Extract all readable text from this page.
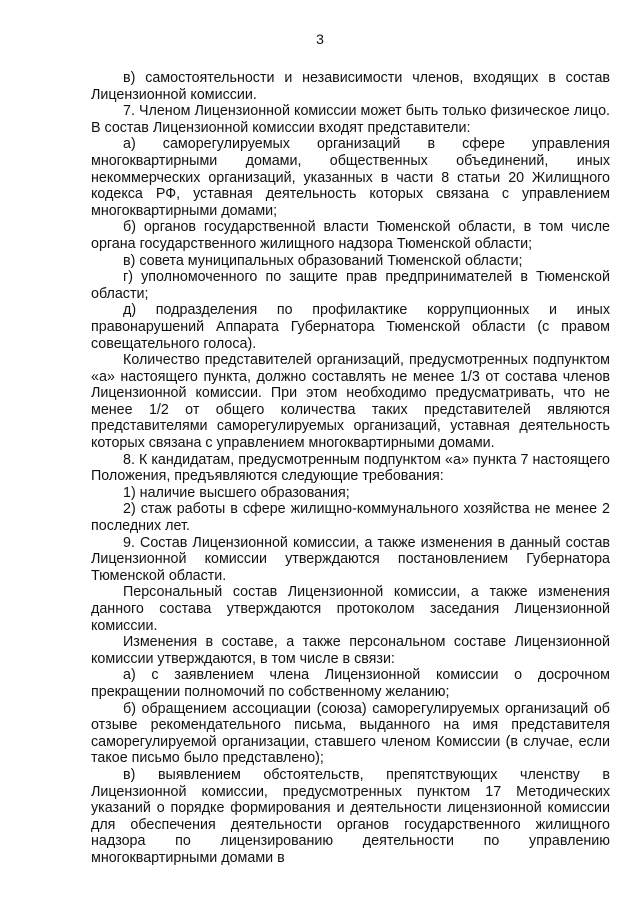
3

в) самостоятельности и независимости членов, входящих в состав Лицензионной комиссии.

7. Членом Лицензионной комиссии может быть только физическое лицо. В состав Лицензионной комиссии входят представители:

а) саморегулируемых организаций в сфере управления многоквартирными домами, общественных объединений, иных некоммерческих организаций, указанных в части 8 статьи 20 Жилищного кодекса РФ, уставная деятельность которых связана с управлением многоквартирными домами;

б) органов государственной власти Тюменской области, в том числе органа государственного жилищного надзора Тюменской области;

в) совета муниципальных образований Тюменской области;

г) уполномоченного по защите прав предпринимателей в Тюменской области;

д) подразделения по профилактике коррупционных и иных правонарушений Аппарата Губернатора Тюменской области (с правом совещательного голоса).

Количество представителей организаций, предусмотренных подпунктом «а» настоящего пункта, должно составлять не менее 1/3 от состава членов Лицензионной комиссии. При этом необходимо предусматривать, что не менее 1/2 от общего количества таких представителей являются представителями саморегулируемых организаций, уставная деятельность которых связана с управлением многоквартирными домами.

8. К кандидатам, предусмотренным подпунктом «а» пункта 7 настоящего Положения, предъявляются следующие требования:

1) наличие высшего образования;

2) стаж работы в сфере жилищно-коммунального хозяйства не менее 2 последних лет.

9. Состав Лицензионной комиссии, а также изменения в данный состав Лицензионной комиссии утверждаются постановлением Губернатора Тюменской области.

Персональный состав Лицензионной комиссии, а также изменения данного состава утверждаются протоколом заседания Лицензионной комиссии.

Изменения в составе, а также персональном составе Лицензионной комиссии утверждаются, в том числе в связи:

а) с заявлением члена Лицензионной комиссии о досрочном прекращении полномочий по собственному желанию;

б) обращением ассоциации (союза) саморегулируемых организаций об отзыве рекомендательного письма, выданного на имя представителя саморегулируемой организации, ставшего членом Комиссии (в случае, если такое письмо было представлено);

в) выявлением обстоятельств, препятствующих членству в Лицензионной комиссии, предусмотренных пунктом 17 Методических указаний о порядке формирования и деятельности лицензионной комиссии для обеспечения деятельности органов государственного жилищного надзора по лицензированию деятельности по управлению многоквартирными домами в
